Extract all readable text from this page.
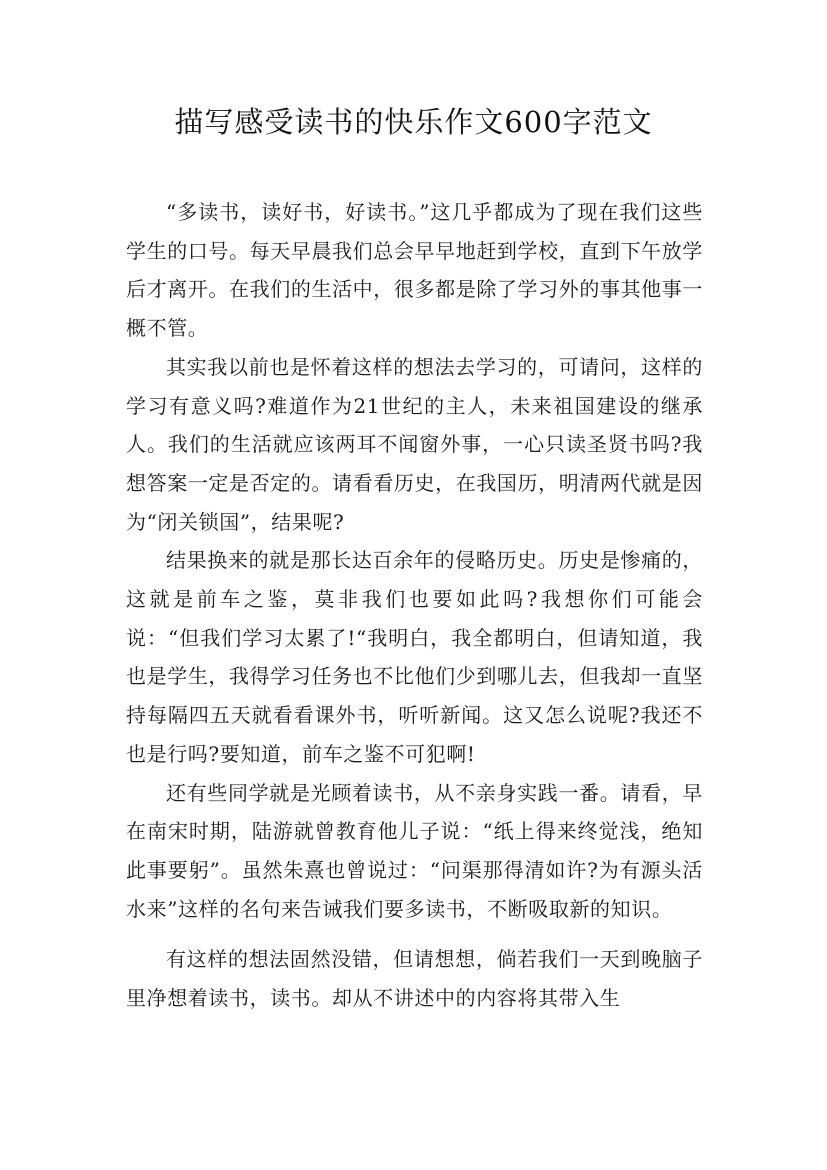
描写感受读书的快乐作文600字范文

“多读书，读好书，好读书。”这几乎都成为了现在我们这些学生的口号。每天早晨我们总会早早地赶到学校，直到下午放学后才离开。在我们的生活中，很多都是除了学习外的事其他事一概不管。

其实我以前也是怀着这样的想法去学习的，可请问，这样的学习有意义吗?难道作为21世纪的主人，未来祖国建设的继承人。我们的生活就应该两耳不闻窗外事，一心只读圣贤书吗?我想答案一定是否定的。请看看历史，在我国历，明清两代就是因为“闭关锁国”，结果呢?

结果换来的就是那长达百余年的侵略历史。历史是惨痛的，这就是前车之鉴，莫非我们也要如此吗?我想你们可能会说：“但我们学习太累了!“我明白，我全都明白，但请知道，我也是学生，我得学习任务也不比他们少到哪儿去，但我却一直坚持每隔四五天就看看课外书，听听新闻。这又怎么说呢?我还不也是行吗?要知道，前车之鉴不可犯啊!

还有些同学就是光顾着读书，从不亲身实践一番。请看，早在南宋时期，陆游就曾教育他儿子说：“纸上得来终觉浅，绝知此事要躬”。虽然朱熹也曾说过：“问渠那得清如许?为有源头活水来”这样的名句来告诫我们要多读书，不断吸取新的知识。

有这样的想法固然没错，但请想想，倘若我们一天到晚脑子里净想着读书，读书。却从不讲述中的内容将其带入生
